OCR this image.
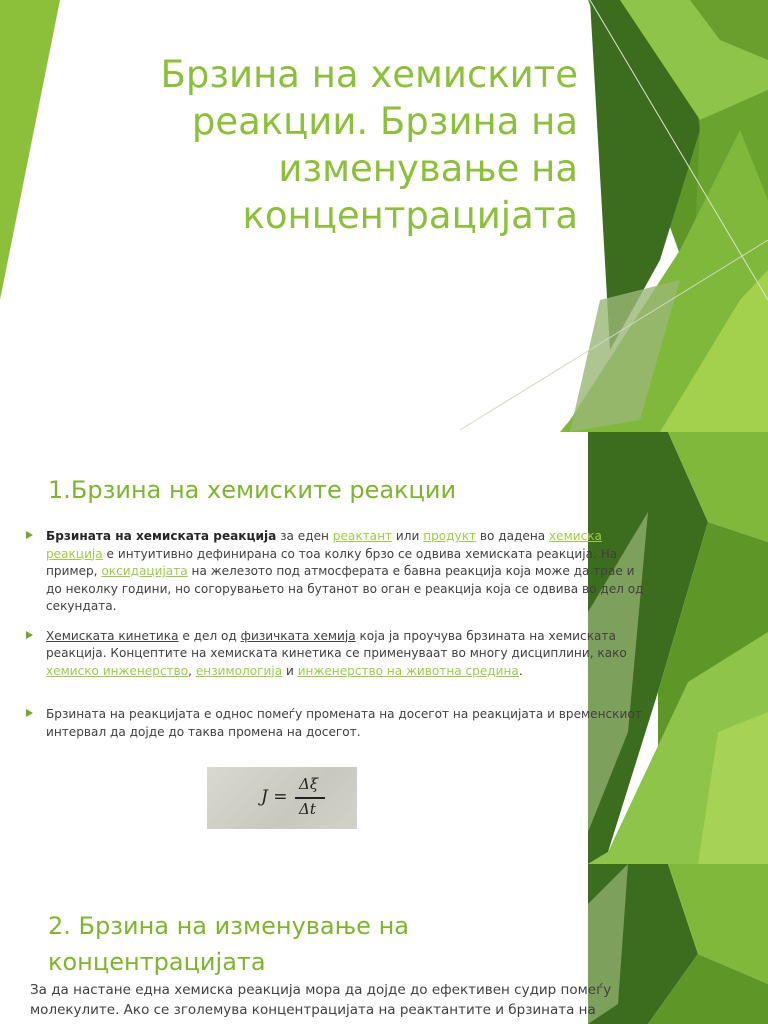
Брзина на хемиските реакции. Брзина на изменување на концентрацијата
1.Брзина на хемиските реакции
Брзината на хемиската реакција за еден реактант или продукт во дадена хемиска реакција е интуитивно дефинирана со тоа колку брзо се одвива хемиската реакција. На пример, оксидацијата на железото под атмосферата е бавна реакција која може да трае и до неколку години, но согорувањето на бутанот во оган е реакција која се одвива во дел од секундата.
Хемиската кинетика е дел од физичката хемија која ја проучува брзината на хемиската реакција. Концептите на хемиската кинетика се применуваат во многу дисциплини, како хемиско инженерство, ензимологија и инженерство на животна средина.
Брзината на реакцијата е однос помеѓу промената на досегот на реакцијата и временскиот интервал да дојде до таква промена на досегот.
J =
Δξ
Δt
2. Брзина на изменување на концентрацијата
За да настане една хемиска реакција мора да дојде до ефективен судир помеѓу молекулите. Ако се зголемува концентрацијата на реактантите и брзината на
